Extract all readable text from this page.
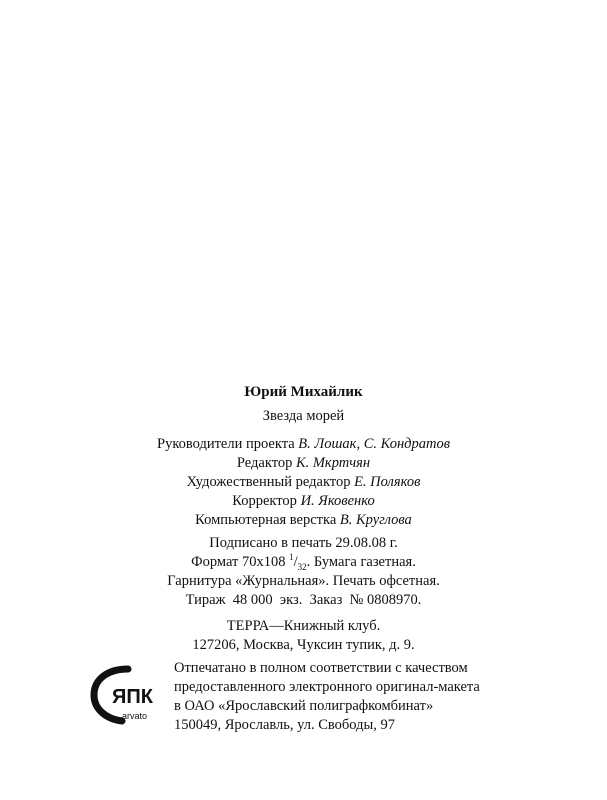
Юрий Михайлик
Звезда морей
Руководители проекта В. Лошак, С. Кондратов
Редактор К. Мкртчян
Художественный редактор Е. Поляков
Корректор И. Яковенко
Компьютерная верстка В. Круглова
Подписано в печать 29.08.08 г.
Формат 70х108 $^1/_{32}$. Бумага газетная.
Гарнитура «Журнальная». Печать офсетная.
Тираж  48 000  экз.  Заказ  № 0808970.
ТЕРРА—Книжный клуб.
127206, Москва, Чуксин тупик, д. 9.
ЯПК
arvato
Отпечатано в полном соответствии с качеством
предоставленного электронного оригинал-макета
в ОАО «Ярославский полиграфкомбинат»
150049, Ярославль, ул. Свободы, 97
